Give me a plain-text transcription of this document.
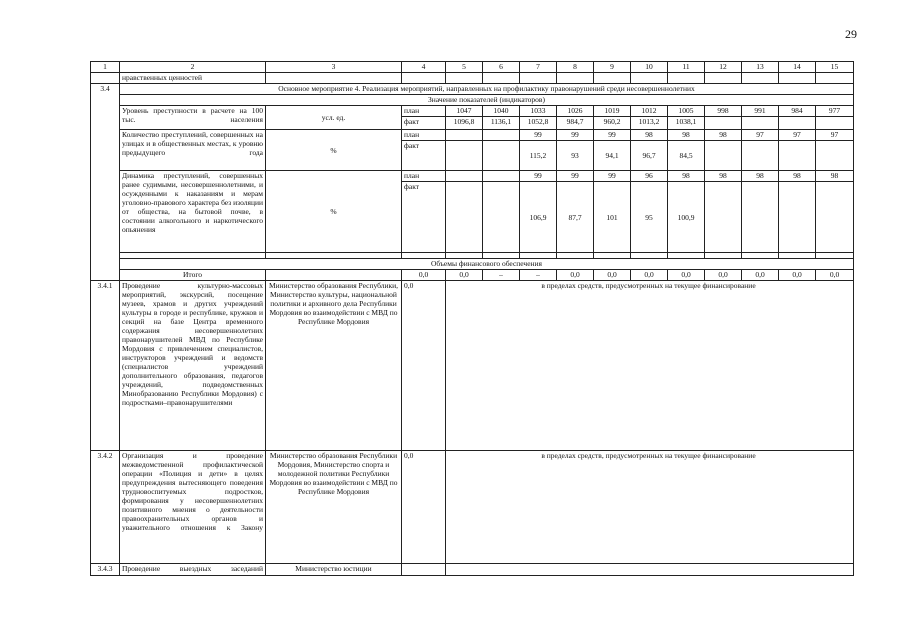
29
1	2	3	4	5	6	7	8	9	10	11	12	13	14	15
	нравственных ценностей													
3.4	Основное мероприятие 4. Реализация мероприятий, направленных на профилактику правонарушений среди несовершеннолетних													
	Значение показателей (индикаторов)													
	Уровень преступности в расчете на 100 тыс. населения	усл. ед.	план	1047	1040	1033	1026	1019	1012	1005	998	991	984	977
			факт	1096,8	1136,1	1052,8	984,7	960,2	1013,2	1038,1				
	Количество преступлений, совершенных на улицах и в общественных местах, к уровню предыдущего года	%	план			99	99	99	98	98	98	97	97	97
			факт			115,2	93	94,1	96,7	84,5				
	Динамика преступлений, совершенных ранее судимыми, несовершеннолетними, и осужденными к наказаниям и мерам уголовно-правового характера без изоляции от общества, на бытовой почве, в состоянии алкогольного и наркотического опьянения	%	план			99	99	99	96	98	98	98	98	98
			факт			106,9	87,7	101	95	100,9				

	Объемы финансового обеспечения													
	Итого		0,0	0,0	–	–	0,0	0,0	0,0	0,0	0,0	0,0	0,0	0,0
3.4.1	Проведение культурно-массовых мероприятий, экскурсий, посещение музеев, храмов и других учреждений культуры в городе и республике, кружков и секций на базе Центра временного содержания несовершеннолетних правонарушителей МВД по Республике Мордовия с привлечением специалистов, инструкторов учреждений и ведомств (специалистов учреждений дополнительного образования, педагогов учреждений, подведомственных Минобразованию Республики Мордовия) с подростками–правонарушителями	Министерство образования Республики, Министерство культуры, национальной политики и архивного дела Республики Мордовия во взаимодействии с МВД по Республике Мордовия	0,0	в пределах средств, предусмотренных на текущее финансирование										
3.4.2	Организация и проведение межведомственной профилактической операции «Полиция и дети» в целях предупреждения вытесняющего поведения трудновоспитуемых подростков, формирования у несовершеннолетних позитивного мнения о деятельности правоохранительных органов и уважительного отношения к Закону	Министерство образования Республики Мордовия, Министерство спорта и молодежной политики Республики Мордовия во взаимодействии с МВД по Республике Мордовия	0,0	в пределах средств, предусмотренных на текущее финансирование										
3.4.3	Проведение выездных заседаний	Министерство юстиции												
